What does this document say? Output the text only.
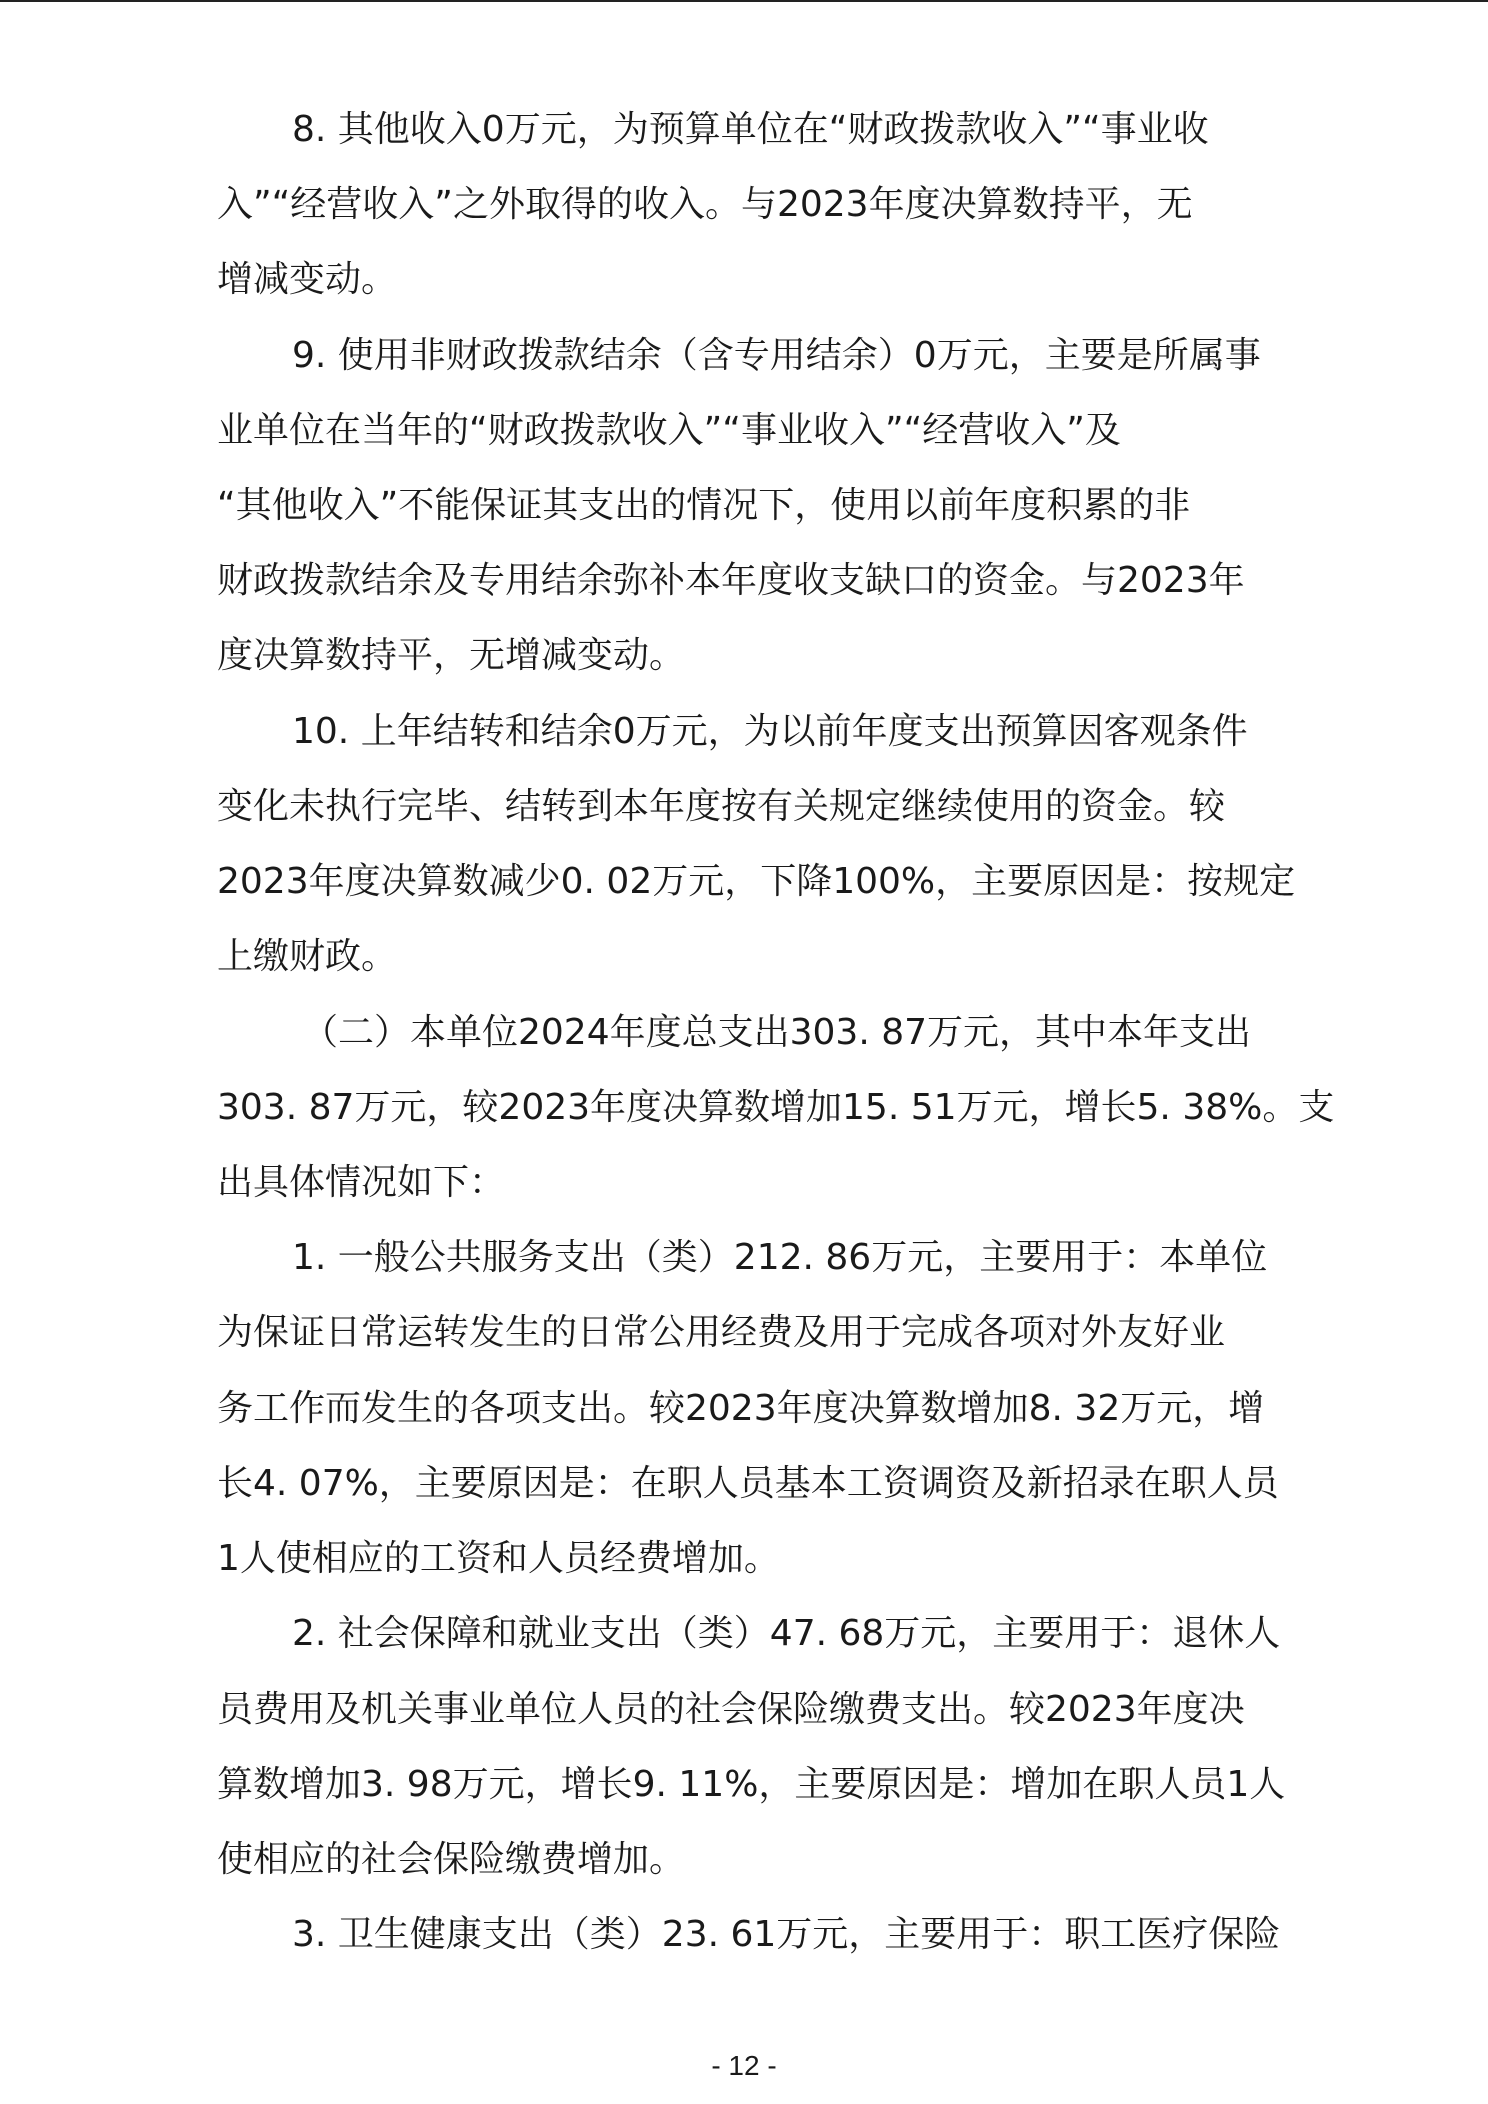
8. 其他收入0万元，为预算单位在“财政拨款收入”“事业收
入”“经营收入”之外取得的收入。与2023年度决算数持平，无
增减变动。
9. 使用非财政拨款结余（含专用结余）0万元，主要是所属事
业单位在当年的“财政拨款收入”“事业收入”“经营收入”及
“其他收入”不能保证其支出的情况下，使用以前年度积累的非
财政拨款结余及专用结余弥补本年度收支缺口的资金。与2023年
度决算数持平，无增减变动。
10. 上年结转和结余0万元，为以前年度支出预算因客观条件
变化未执行完毕、结转到本年度按有关规定继续使用的资金。较
2023年度决算数减少0. 02万元，下降100%，主要原因是：按规定
上缴财政。
（二）本单位2024年度总支出303. 87万元，其中本年支出
303. 87万元，较2023年度决算数增加15. 51万元，增长5. 38%。支
出具体情况如下：
1. 一般公共服务支出（类）212. 86万元，主要用于：本单位
为保证日常运转发生的日常公用经费及用于完成各项对外友好业
务工作而发生的各项支出。较2023年度决算数增加8. 32万元，增
长4. 07%，主要原因是：在职人员基本工资调资及新招录在职人员
1人使相应的工资和人员经费增加。
2. 社会保障和就业支出（类）47. 68万元，主要用于：退休人
员费用及机关事业单位人员的社会保险缴费支出。较2023年度决
算数增加3. 98万元，增长9. 11%，主要原因是：增加在职人员1人
使相应的社会保险缴费增加。
3. 卫生健康支出（类）23. 61万元，主要用于：职工医疗保险
- 12 -
